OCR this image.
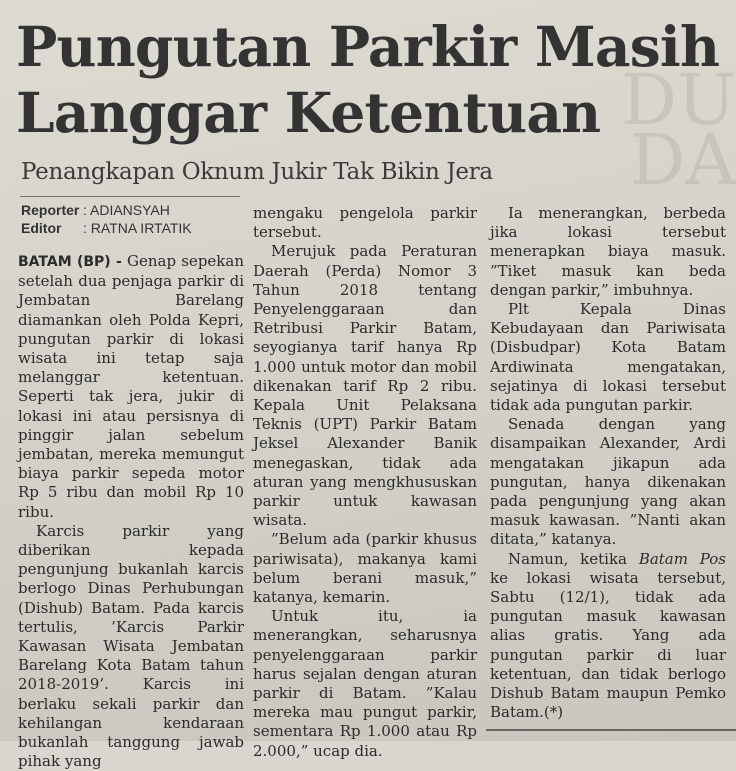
DU
DA
Pungutan Parkir Masih
Langgar Ketentuan
Penangkapan Oknum Jukir Tak Bikin Jera
Reporter : ADIANSYAH
Editor	: RATNA IRTATIK

BATAM (BP) - Genap sepekan setelah dua penjaga parkir di Jembatan Barelang diamankan oleh Polda Kepri, pungutan parkir di lokasi wisata ini tetap saja melanggar ketentuan. Seperti tak jera, jukir di lokasi ini atau persisnya di pinggir jalan sebelum jembatan, mereka memungut biaya parkir sepeda motor Rp 5 ribu dan mobil Rp 10 ribu.

Karcis parkir yang diberikan kepada pengunjung bukanlah karcis berlogo Dinas Perhubungan (Dishub) Batam. Pada karcis tertulis, ’Karcis Parkir Kawasan Wisata Jembatan Barelang Kota Batam tahun 2018-2019’. Karcis ini berlaku sekali parkir dan kehilangan kendaraan bukanlah tanggung jawab pihak yang

mengaku pengelola parkir tersebut.

Merujuk pada Peraturan Daerah (Perda) Nomor 3 Tahun 2018 tentang Penyelenggaraan dan Retribusi Parkir Batam, seyogianya tarif hanya Rp 1.000 untuk motor dan mobil dikenakan tarif Rp 2 ribu. Kepala Unit Pelaksana Teknis (UPT) Parkir Batam Jeksel Alexander Banik menegaskan, tidak ada aturan yang mengkhususkan parkir untuk kawasan wisata.

”Belum ada (parkir khusus pariwisata), makanya kami belum berani masuk,” katanya, kemarin.

Untuk itu, ia menerangkan, seharusnya penyelenggaraan parkir harus sejalan dengan aturan parkir di Batam. ”Kalau mereka mau pungut parkir, sementara Rp 1.000 atau Rp 2.000,” ucap dia.

Ia menerangkan, berbeda jika lokasi tersebut menerapkan biaya masuk. ”Tiket masuk kan beda dengan parkir,” imbuhnya.

Plt Kepala Dinas Kebudayaan dan Pariwisata (Disbudpar) Kota Batam Ardiwinata mengatakan, sejatinya di lokasi tersebut tidak ada pungutan parkir.

Senada dengan yang disampaikan Alexander, Ardi mengatakan jikapun ada pungutan, hanya dikenakan pada pengunjung yang akan masuk kawasan. ”Nanti akan ditata,” katanya.

Namun, ketika Batam Pos ke lokasi wisata tersebut, Sabtu (12/1), tidak ada pungutan masuk kawasan alias gratis. Yang ada pungutan parkir di luar ketentuan, dan tidak berlogo Dishub Batam maupun Pemko Batam.(*)
